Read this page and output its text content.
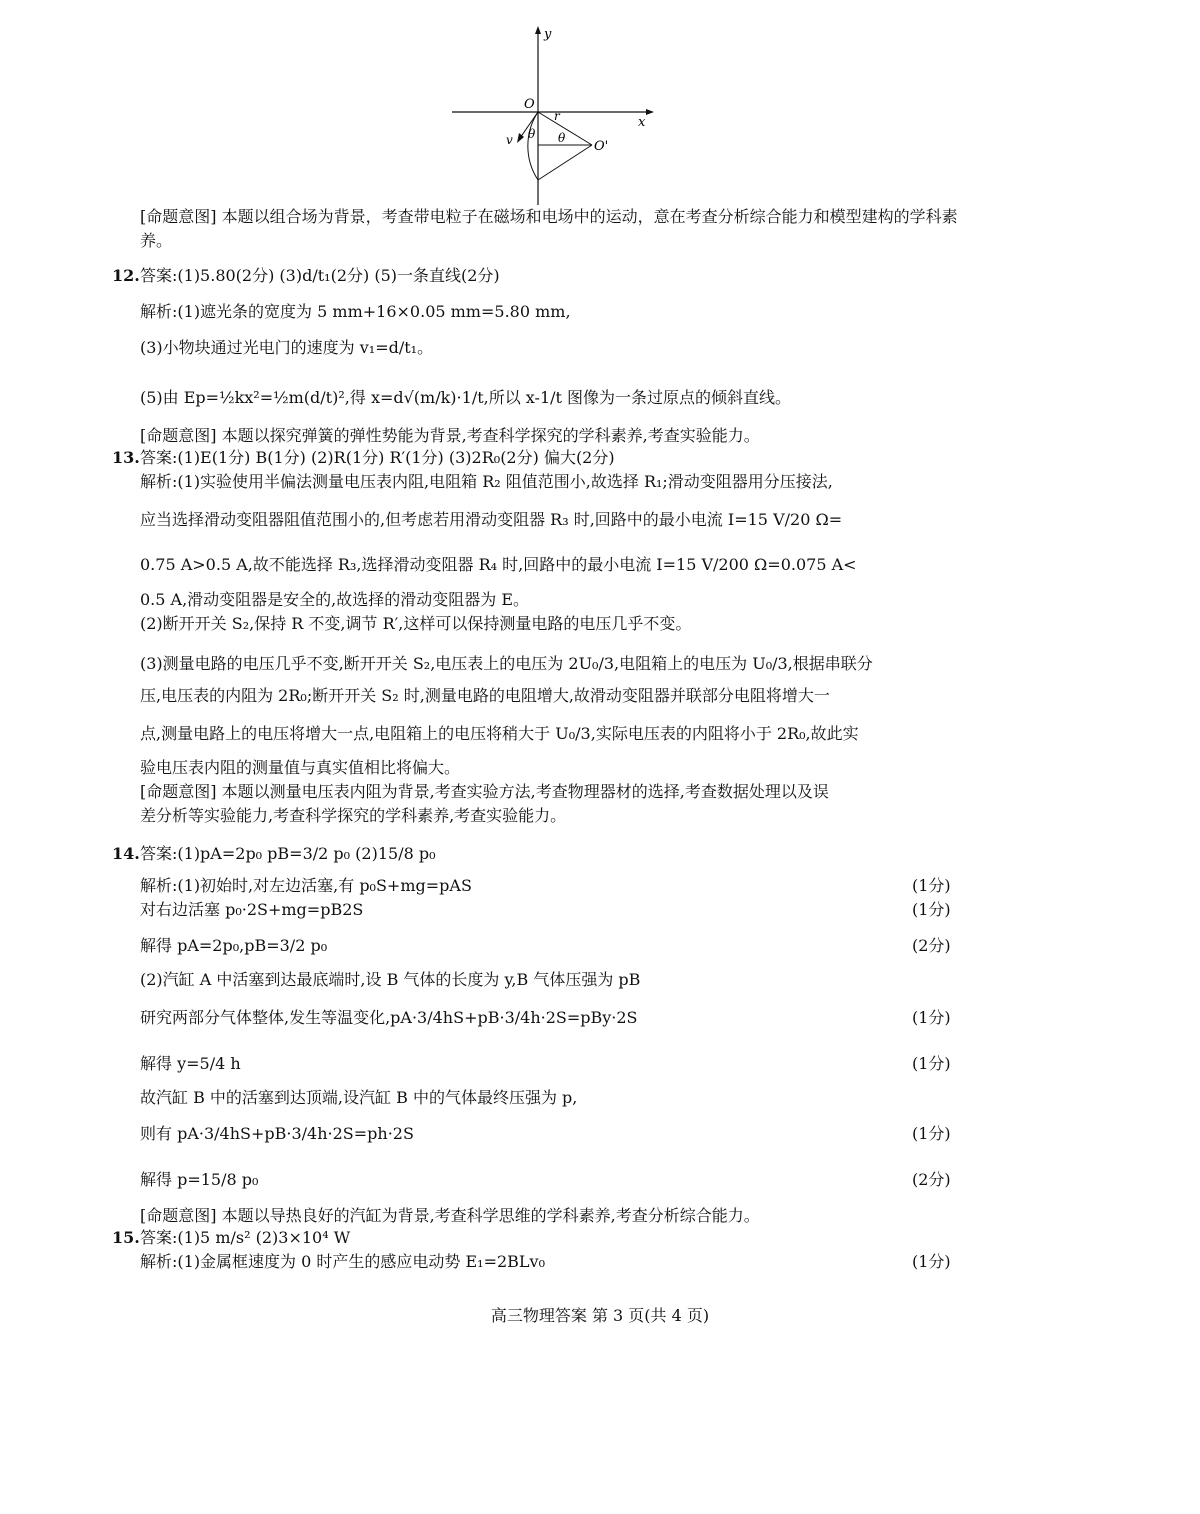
y
x
O
O'
r
v θ θ
[命题意图] 本题以组合场为背景，考查带电粒子在磁场和电场中的运动，意在考查分析综合能力和模型建构的学科素养。
12. 答案:(1)5.80(2分) (3)d/t₁(2分) (5)一条直线(2分)
解析:(1)遮光条的宽度为 5 mm+16×0.05 mm=5.80 mm,
(3)小物块通过光电门的速度为 v₁=d/t₁。
(5)由 Ep=½kx²=½m(d/t)²,得 x=d√(m/k)·1/t,所以 x-1/t 图像为一条过原点的倾斜直线。
[命题意图] 本题以探究弹簧的弹性势能为背景,考查科学探究的学科素养,考查实验能力。
13. 答案:(1)E(1分) B(1分) (2)R(1分) R′(1分) (3)2R₀(2分) 偏大(2分)
解析:(1)实验使用半偏法测量电压表内阻,电阻箱 R₂ 阻值范围小,故选择 R₁;滑动变阻器用分压接法,
应当选择滑动变阻器阻值范围小的,但考虑若用滑动变阻器 R₃ 时,回路中的最小电流 I=15 V/20 Ω=
0.75 A>0.5 A,故不能选择 R₃,选择滑动变阻器 R₄ 时,回路中的最小电流 I=15 V/200 Ω=0.075 A<
0.5 A,滑动变阻器是安全的,故选择的滑动变阻器为 E。
(2)断开开关 S₂,保持 R 不变,调节 R′,这样可以保持测量电路的电压几乎不变。
(3)测量电路的电压几乎不变,断开开关 S₂,电压表上的电压为 2U₀/3,电阻箱上的电压为 U₀/3,根据串联分
压,电压表的内阻为 2R₀;断开开关 S₂ 时,测量电路的电阻增大,故滑动变阻器并联部分电阻将增大一
点,测量电路上的电压将增大一点,电阻箱上的电压将稍大于 U₀/3,实际电压表的内阻将小于 2R₀,故此实
验电压表内阻的测量值与真实值相比将偏大。
[命题意图] 本题以测量电压表内阻为背景,考查实验方法,考查物理器材的选择,考查数据处理以及误
差分析等实验能力,考查科学探究的学科素养,考查实验能力。
14. 答案:(1)pA=2p₀ pB=3/2 p₀ (2)15/8 p₀
解析:(1)初始时,对左边活塞,有 p₀S+mg=pAS	(1分)
对右边活塞 p₀·2S+mg=pB2S	(1分)
解得 pA=2p₀,pB=3/2 p₀	(2分)
(2)汽缸 A 中活塞到达最底端时,设 B 气体的长度为 y,B 气体压强为 pB
研究两部分气体整体,发生等温变化,pA·3/4hS+pB·3/4h·2S=pBy·2S	(1分)
解得 y=5/4 h	(1分)
故汽缸 B 中的活塞到达顶端,设汽缸 B 中的气体最终压强为 p,
则有 pA·3/4hS+pB·3/4h·2S=ph·2S	(1分)
解得 p=15/8 p₀	(2分)
[命题意图] 本题以导热良好的汽缸为背景,考查科学思维的学科素养,考查分析综合能力。
15. 答案:(1)5 m/s² (2)3×10⁴ W
解析:(1)金属框速度为 0 时产生的感应电动势 E₁=2BLv₀	(1分)
高三物理答案 第 3 页(共 4 页)
